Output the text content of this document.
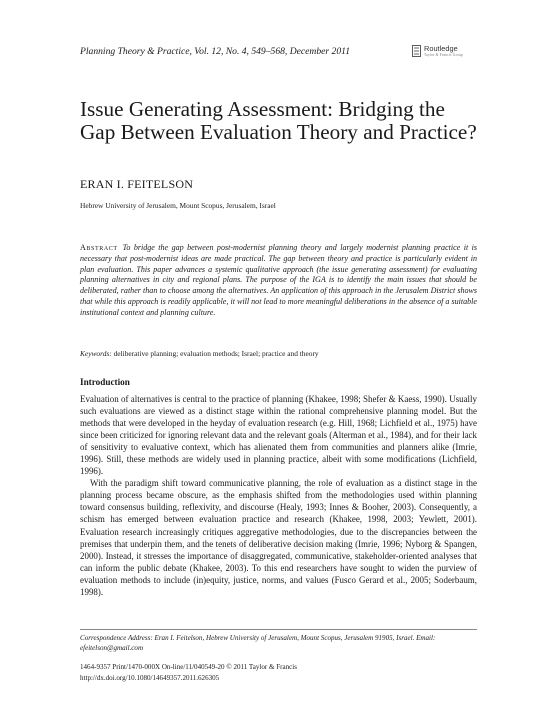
Planning Theory & Practice, Vol. 12, No. 4, 549–568, December 2011	Routledge
Taylor & Francis Group
Issue Generating Assessment: Bridging the Gap Between Evaluation Theory and Practice?
ERAN I. FEITELSON
Hebrew University of Jerusalem, Mount Scopus, Jerusalem, Israel

Abstract To bridge the gap between post-modernist planning theory and largely modernist planning practice it is necessary that post-modernist ideas are made practical. The gap between theory and practice is particularly evident in plan evaluation. This paper advances a systemic qualitative approach (the issue generating assessment) for evaluating planning alternatives in city and regional plans. The purpose of the IGA is to identify the main issues that should be deliberated, rather than to choose among the alternatives. An application of this approach in the Jerusalem District shows that while this approach is readily applicable, it will not lead to more meaningful deliberations in the absence of a suitable institutional context and planning culture.

Keywords: deliberative planning; evaluation methods; Israel; practice and theory
Introduction

Evaluation of alternatives is central to the practice of planning (Khakee, 1998; Shefer & Kaess, 1990). Usually such evaluations are viewed as a distinct stage within the rational comprehensive planning model. But the methods that were developed in the heyday of evaluation research (e.g. Hill, 1968; Lichfield et al., 1975) have since been criticized for ignoring relevant data and the relevant goals (Alterman et al., 1984), and for their lack of sensitivity to evaluative context, which has alienated them from communities and planners alike (Imrie, 1996). Still, these methods are widely used in planning practice, albeit with some modifications (Lichfield, 1996).

With the paradigm shift toward communicative planning, the role of evaluation as a distinct stage in the planning process became obscure, as the emphasis shifted from the methodologies used within planning toward consensus building, reflexivity, and discourse (Healy, 1993; Innes & Booher, 2003). Consequently, a schism has emerged between evaluation practice and research (Khakee, 1998, 2003; Yewlett, 2001). Evaluation research increasingly critiques aggregative methodologies, due to the discrepancies between the premises that underpin them, and the tenets of deliberative decision making (Imrie, 1996; Nyborg & Spangen, 2000). Instead, it stresses the importance of disaggregated, communicative, stakeholder-oriented analyses that can inform the public debate (Khakee, 2003). To this end researchers have sought to widen the purview of evaluation methods to include (in)equity, justice, norms, and values (Fusco Gerard et al., 2005; Soderbaum, 1998).

Correspondence Address: Eran I. Feitelson, Hebrew University of Jerusalem, Mount Scopus, Jerusalem 91905, Israel. Email: efeitelson@gmail.com

1464-9357 Print/1470-000X On-line/11/040549-20 © 2011 Taylor & Francis
http://dx.doi.org/10.1080/14649357.2011.626305
